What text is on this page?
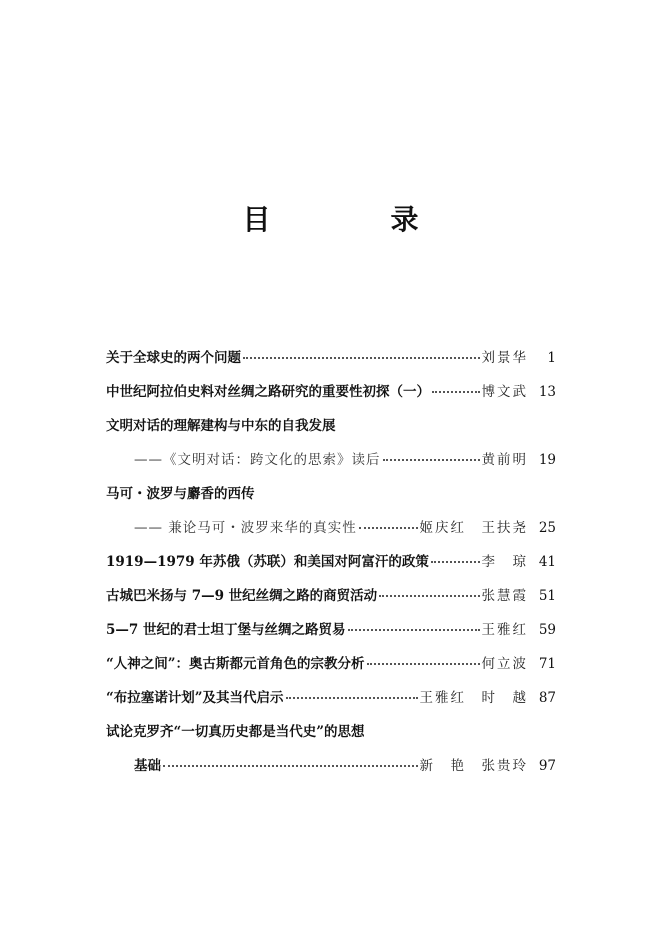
目　录
关于全球史的两个问题	刘景华	1
中世纪阿拉伯史料对丝绸之路研究的重要性初探（一）	博文武 13
文明对话的理解建构与中东的自我发展
——《文明对话：跨文化的思索》读后	黄前明 19
马可・波罗与麝香的西传
—— 兼论马可・波罗来华的真实性	姬庆红　王扶尧 25
1919—1979 年苏俄（苏联）和美国对阿富汗的政策	李　琼 41
古城巴米扬与 7—9 世纪丝绸之路的商贸活动	张慧霞 51
5—7 世纪的君士坦丁堡与丝绸之路贸易	王雅红 59
“人神之间”：奥古斯都元首角色的宗教分析	何立波 71
“布拉塞诺计划”及其当代启示	王雅红　时　越 87
试论克罗齐“一切真历史都是当代史”的思想
基础	新　艳　张贵玲 97
